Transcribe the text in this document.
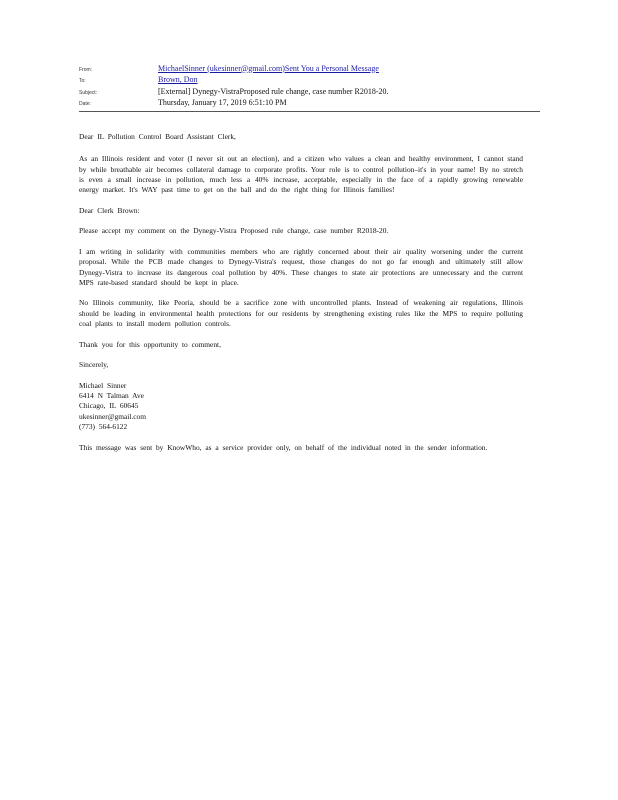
From:	MichaelSinner (ukesinner@gmail.com)Sent You a Personal Message
To:	Brown, Don
Subject:	[External] Dynegy-VistraProposed rule change, case number R2018-20.
Date:	Thursday, January 17, 2019 6:51:10 PM

Dear IL Pollution Control Board Assistant Clerk,

As an Illinois resident and voter (I never sit out an election), and a citizen who values a clean and healthy environment, I cannot stand by while breathable air becomes collateral damage to corporate profits. Your role is to control pollution–it's in your name! By no stretch is even a small increase in pollution, much less a 40% increase, acceptable, especially in the face of a rapidly growing renewable energy market. It's WAY past time to get on the ball and do the right thing for Illinois families!

Dear Clerk Brown:

Please accept my comment on the Dynegy-Vistra Proposed rule change, case number R2018-20.

I am writing in solidarity with communities members who are rightly concerned about their air quality worsening under the current proposal. While the PCB made changes to Dynegy-Vistra's request, those changes do not go far enough and ultimately still allow Dynegy-Vistra to increase its dangerous coal pollution by 40%. These changes to state air protections are unnecessary and the current MPS rate-based standard should be kept in place.

No Illinois community, like Peoria, should be a sacrifice zone with uncontrolled plants. Instead of weakening air regulations, Illinois should be leading in environmental health protections for our residents by strengthening existing rules like the MPS to require polluting coal plants to install modern pollution controls.

Thank you for this opportunity to comment,

Sincerely,

Michael Sinner
6414 N Talman Ave
Chicago, IL 60645
ukesinner@gmail.com
(773) 564-6122

This message was sent by KnowWho, as a service provider only, on behalf of the individual noted in the sender information.
